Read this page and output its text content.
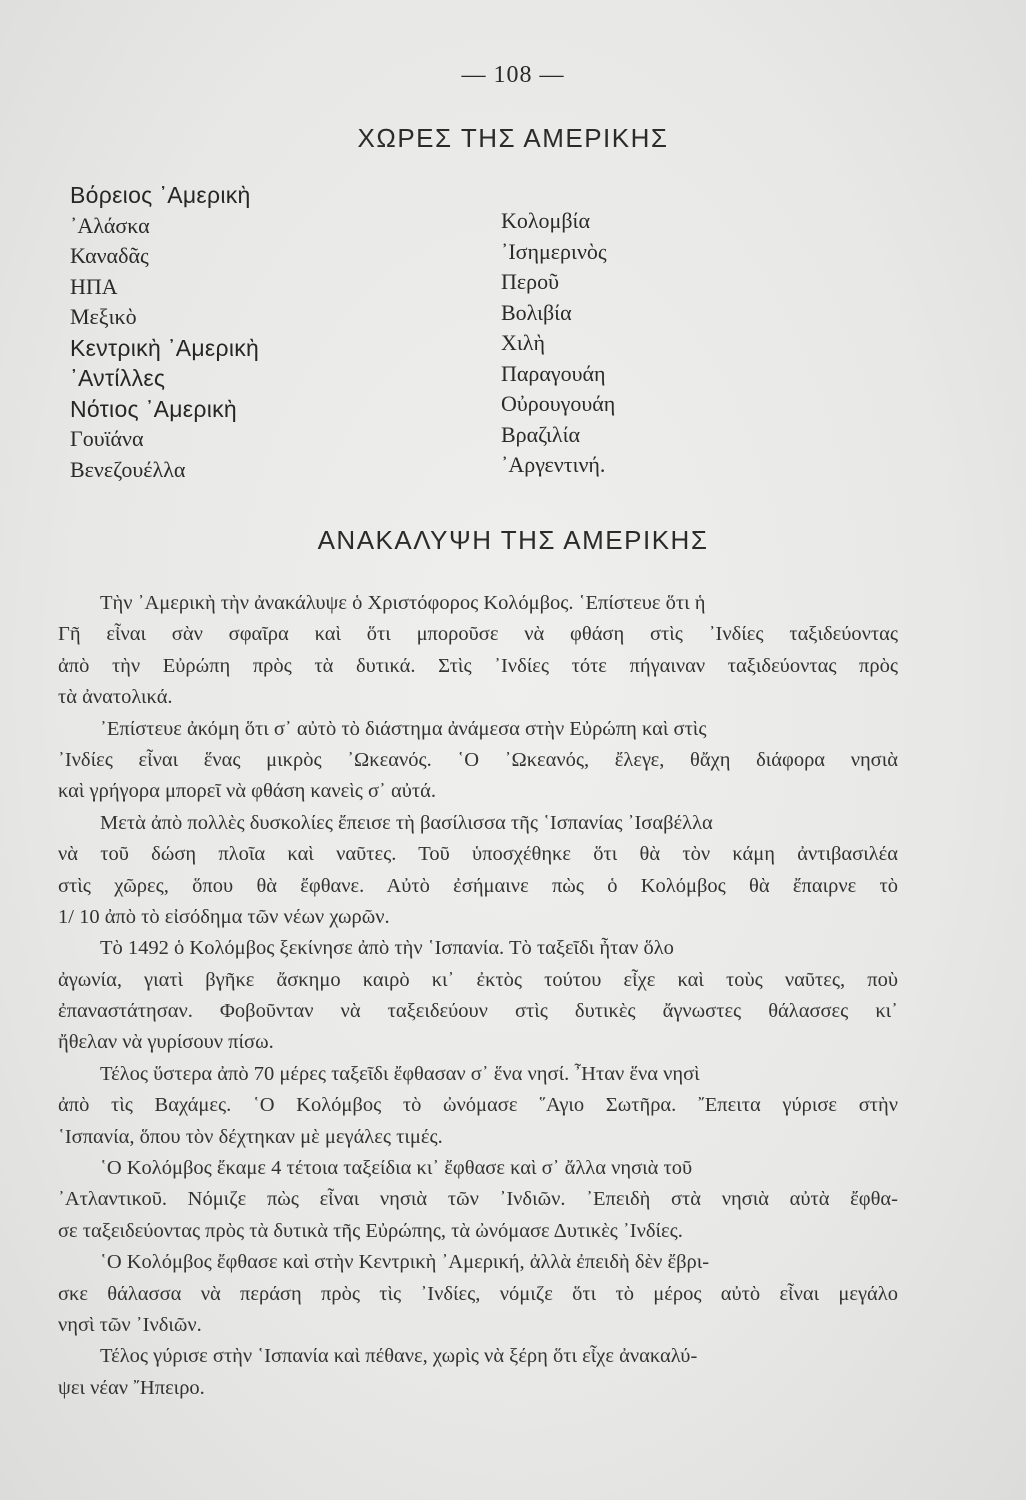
— 108 —
ΧΩΡΕΣ ΤΗΣ ΑΜΕΡΙΚΗΣ
Βόρειος ᾿Αμερικὴ
᾿Αλάσκα
Καναδᾶς
ΗΠΑ
Μεξικὸ
Κεντρικὴ ᾿Αμερικὴ
᾿Αντίλλες
Νότιος ᾿Αμερικὴ
Γουϊάνα
Βενεζουέλλα
Κολομβία
᾿Ισημερινὸς
Περοῦ
Βολιβία
Χιλὴ
Παραγουάη
Οὐρουγουάη
Βραζιλία
᾿Αργεντινή.
ΑΝΑΚΑΛΥΨΗ ΤΗΣ ΑΜΕΡΙΚΗΣ
Τὴν ᾿Αμερικὴ τὴν ἀνακάλυψε ὁ Χριστόφορος Κολόμβος. ῾Επίστευε ὅτι ἡ
Γῆ εἶναι σὰν σφαῖρα καὶ ὅτι μποροῦσε νὰ φθάση στὶς ᾿Ινδίες ταξιδεύοντας
ἀπὸ τὴν Εὐρώπη πρὸς τὰ δυτικά. Στὶς ᾿Ινδίες τότε πήγαιναν ταξιδεύοντας πρὸς
τὰ ἀνατολικά.
᾿Επίστευε ἀκόμη ὅτι σ᾿ αὐτὸ τὸ διάστημα ἀνάμεσα στὴν Εὐρώπη καὶ στὶς
᾿Ινδίες εἶναι ἕνας μικρὸς ᾿Ωκεανός. ῾Ο ᾿Ωκεανός, ἔλεγε, θἄχη διάφορα νησιὰ
καὶ γρήγορα μπορεῖ νὰ φθάση κανεὶς σ᾿ αὐτά.
Μετὰ ἀπὸ πολλὲς δυσκολίες ἔπεισε τὴ βασίλισσα τῆς ῾Ισπανίας ᾿Ισαβέλλα
νὰ τοῦ δώση πλοῖα καὶ ναῦτες. Τοῦ ὑποσχέθηκε ὅτι θὰ τὸν κάμη ἀντιβασιλέα
στὶς χῶρες, ὅπου θὰ ἔφθανε. Αὐτὸ ἐσήμαινε πὼς ὁ Κολόμβος θὰ ἔπαιρνε τὸ
1/ 10 ἀπὸ τὸ εἰσόδημα τῶν νέων χωρῶν.
Τὸ 1492 ὁ Κολόμβος ξεκίνησε ἀπὸ τὴν ῾Ισπανία. Τὸ ταξεῖδι ἦταν ὅλο
ἀγωνία, γιατὶ βγῆκε ἄσκημο καιρὸ κι᾿ ἐκτὸς τούτου εἶχε καὶ τοὺς ναῦτες, ποὺ
ἐπαναστάτησαν. Φοβοῦνταν νὰ ταξειδεύουν στὶς δυτικὲς ἄγνωστες θάλασσες κι᾿
ἤθελαν νὰ γυρίσουν πίσω.
Τέλος ὕστερα ἀπὸ 70 μέρες ταξεῖδι ἔφθασαν σ᾿ ἕνα νησί. ῏Ηταν ἕνα νησὶ
ἀπὸ τὶς Βαχάμες. ῾Ο Κολόμβος τὸ ὠνόμασε ῞Αγιο Σωτῆρα. ῎Επειτα γύρισε στὴν
῾Ισπανία, ὅπου τὸν δέχτηκαν μὲ μεγάλες τιμές.
῾Ο Κολόμβος ἔκαμε 4 τέτοια ταξείδια κι᾿ ἔφθασε καὶ σ᾿ ἄλλα νησιὰ τοῦ
᾿Ατλαντικοῦ. Νόμιζε πὼς εἶναι νησιὰ τῶν ᾿Ινδιῶν. ᾿Επειδὴ στὰ νησιὰ αὐτὰ ἔφθα-
σε ταξειδεύοντας πρὸς τὰ δυτικὰ τῆς Εὐρώπης, τὰ ὠνόμασε Δυτικὲς ᾿Ινδίες.
῾Ο Κολόμβος ἔφθασε καὶ στὴν Κεντρικὴ ᾿Αμερική, ἀλλὰ ἐπειδὴ δὲν ἔβρι-
σκε θάλασσα νὰ περάση πρὸς τὶς ᾿Ινδίες, νόμιζε ὅτι τὸ μέρος αὐτὸ εἶναι μεγάλο
νησὶ τῶν ᾿Ινδιῶν.
Τέλος γύρισε στὴν ῾Ισπανία καὶ πέθανε, χωρὶς νὰ ξέρη ὅτι εἶχε ἀνακαλύ-
ψει νέαν ῎Ηπειρο.
